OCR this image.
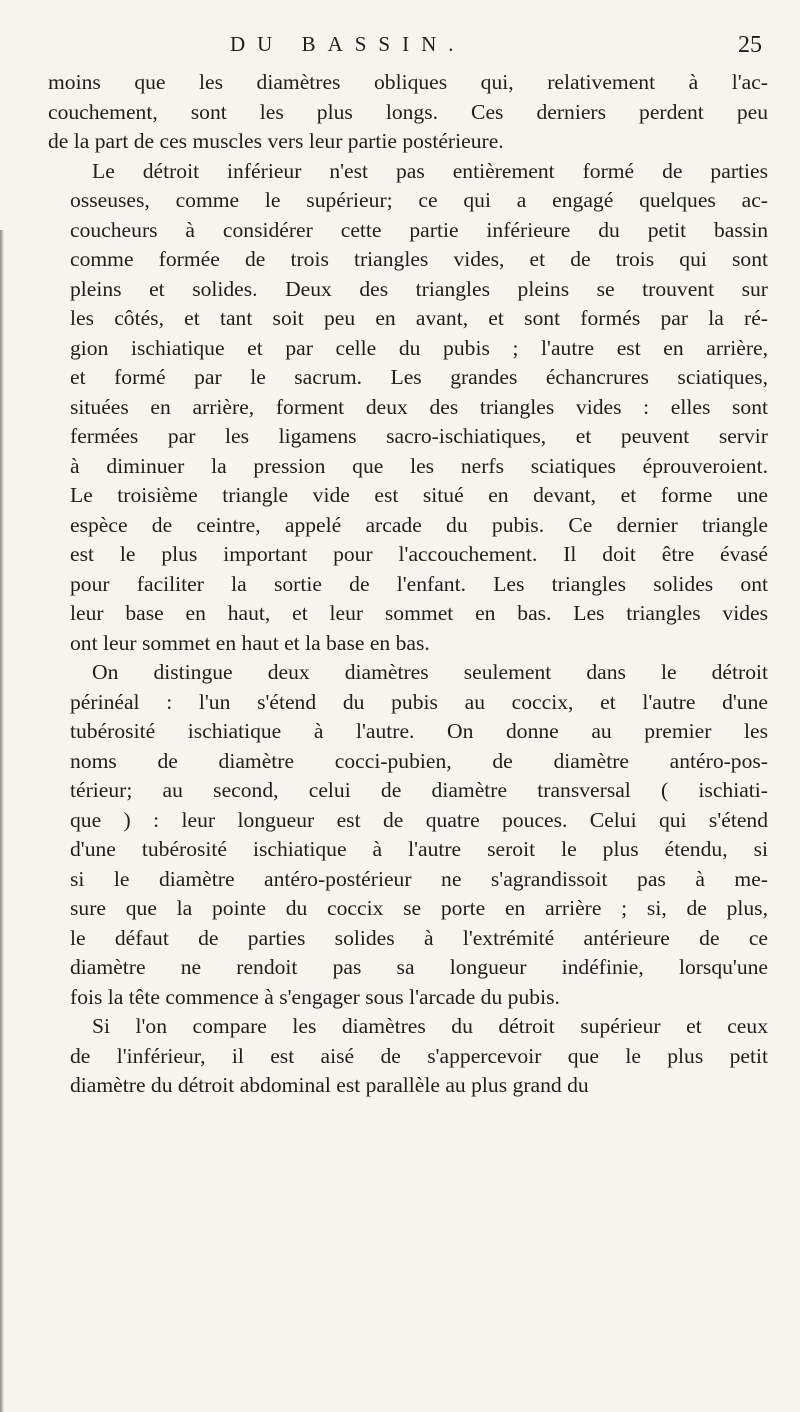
DU BASSIN.	25
moins que les diamètres obliques qui, relativement à l'ac-
couchement, sont les plus longs. Ces derniers perdent peu
de la part de ces muscles vers leur partie postérieure.
Le détroit inférieur n'est pas entièrement formé de parties
osseuses, comme le supérieur; ce qui a engagé quelques ac-
coucheurs à considérer cette partie inférieure du petit bassin
comme formée de trois triangles vides, et de trois qui sont
pleins et solides. Deux des triangles pleins se trouvent sur
les côtés, et tant soit peu en avant, et sont formés par la ré-
gion ischiatique et par celle du pubis ; l'autre est en arrière,
et formé par le sacrum. Les grandes échancrures sciatiques,
situées en arrière, forment deux des triangles vides : elles sont
fermées par les ligamens sacro-ischiatiques, et peuvent servir
à diminuer la pression que les nerfs sciatiques éprouveroient.
Le troisième triangle vide est situé en devant, et forme une
espèce de ceintre, appelé arcade du pubis. Ce dernier triangle
est le plus important pour l'accouchement. Il doit être évasé
pour faciliter la sortie de l'enfant. Les triangles solides ont
leur base en haut, et leur sommet en bas. Les triangles vides
ont leur sommet en haut et la base en bas.
On distingue deux diamètres seulement dans le détroit
périnéal : l'un s'étend du pubis au coccix, et l'autre d'une
tubérosité ischiatique à l'autre. On donne au premier les
noms de diamètre cocci-pubien, de diamètre antéro-pos-
térieur; au second, celui de diamètre transversal ( ischiati-
que ) : leur longueur est de quatre pouces. Celui qui s'étend
d'une tubérosité ischiatique à l'autre seroit le plus étendu, si
si le diamètre antéro-postérieur ne s'agrandissoit pas à me-
sure que la pointe du coccix se porte en arrière ; si, de plus,
le défaut de parties solides à l'extrémité antérieure de ce
diamètre ne rendoit pas sa longueur indéfinie, lorsqu'une
fois la tête commence à s'engager sous l'arcade du pubis.
Si l'on compare les diamètres du détroit supérieur et ceux
de l'inférieur, il est aisé de s'appercevoir que le plus petit
diamètre du détroit abdominal est parallèle au plus grand du
